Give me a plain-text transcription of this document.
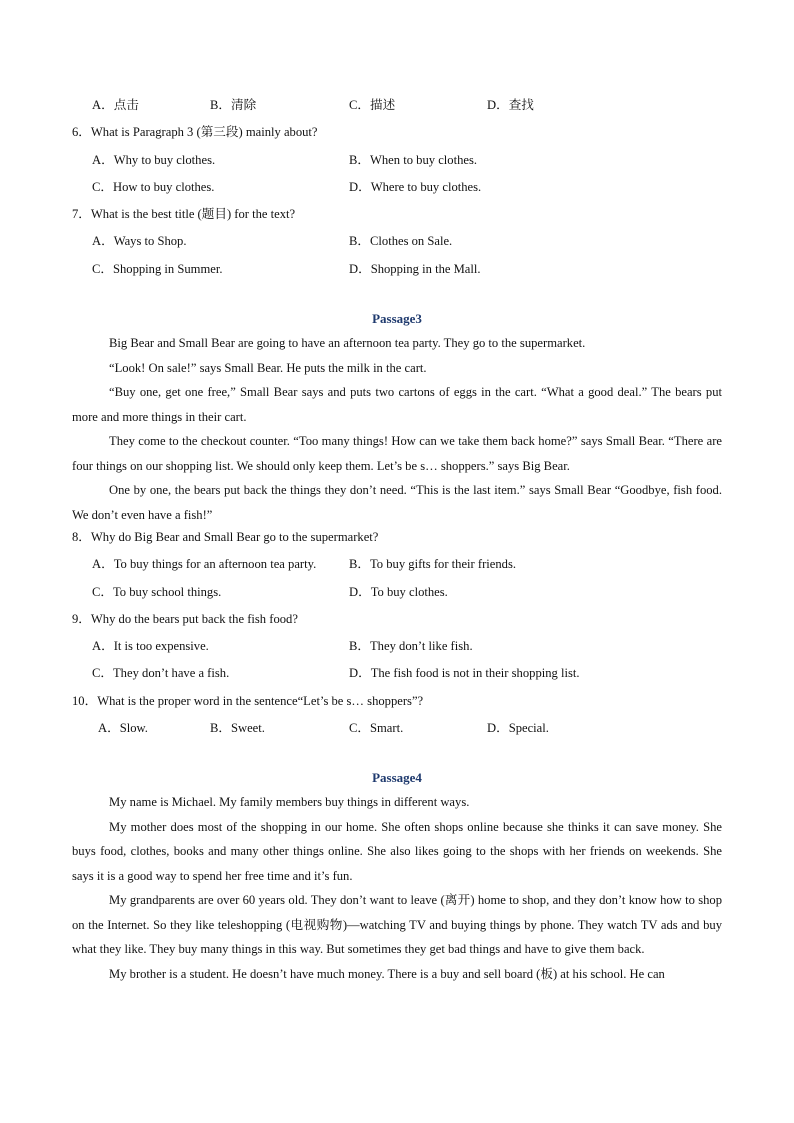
A．点击	B．清除	C．描述	D．查找
6．What is Paragraph 3 (第三段) mainly about?
A．Why to buy clothes.	B．When to buy clothes.
C．How to buy clothes.	D．Where to buy clothes.
7．What is the best title (题目) for the text?
A．Ways to Shop.	B．Clothes on Sale.
C．Shopping in Summer.	D．Shopping in the Mall.
Passage3

Big Bear and Small Bear are going to have an afternoon tea party. They go to the supermarket.

“Look! On sale!” says Small Bear. He puts the milk in the cart.

“Buy one, get one free,” Small Bear says and puts two cartons of eggs in the cart. “What a good deal.” The bears put more and more things in their cart.

They come to the checkout counter. “Too many things! How can we take them back home?” says Small Bear. “There are four things on our shopping list. We should only keep them. Let’s be s… shoppers.” says Big Bear.

One by one, the bears put back the things they don’t need. “This is the last item.” says Small Bear “Goodbye, fish food. We don’t even have a fish!”

8．Why do Big Bear and Small Bear go to the supermarket?
A．To buy things for an afternoon tea party.	B．To buy gifts for their friends.
C．To buy school things.	D．To buy clothes.
9．Why do the bears put back the fish food?
A．It is too expensive.	B．They don’t like fish.
C．They don’t have a fish.	D．The fish food is not in their shopping list.
10．What is the proper word in the sentence“Let’s be s… shoppers”?
A．Slow.	B．Sweet.	C．Smart.	D．Special.
Passage4

My name is Michael. My family members buy things in different ways.

My mother does most of the shopping in our home. She often shops online because she thinks it can save money. She buys food, clothes, books and many other things online. She also likes going to the shops with her friends on weekends. She says it is a good way to spend her free time and it’s fun.

My grandparents are over 60 years old. They don’t want to leave (离开) home to shop, and they don’t know how to shop on the Internet. So they like teleshopping (电视购物)—watching TV and buying things by phone. They watch TV ads and buy what they like. They buy many things in this way. But sometimes they get bad things and have to give them back.

My brother is a student. He doesn’t have much money. There is a buy and sell board (板) at his school. He can
